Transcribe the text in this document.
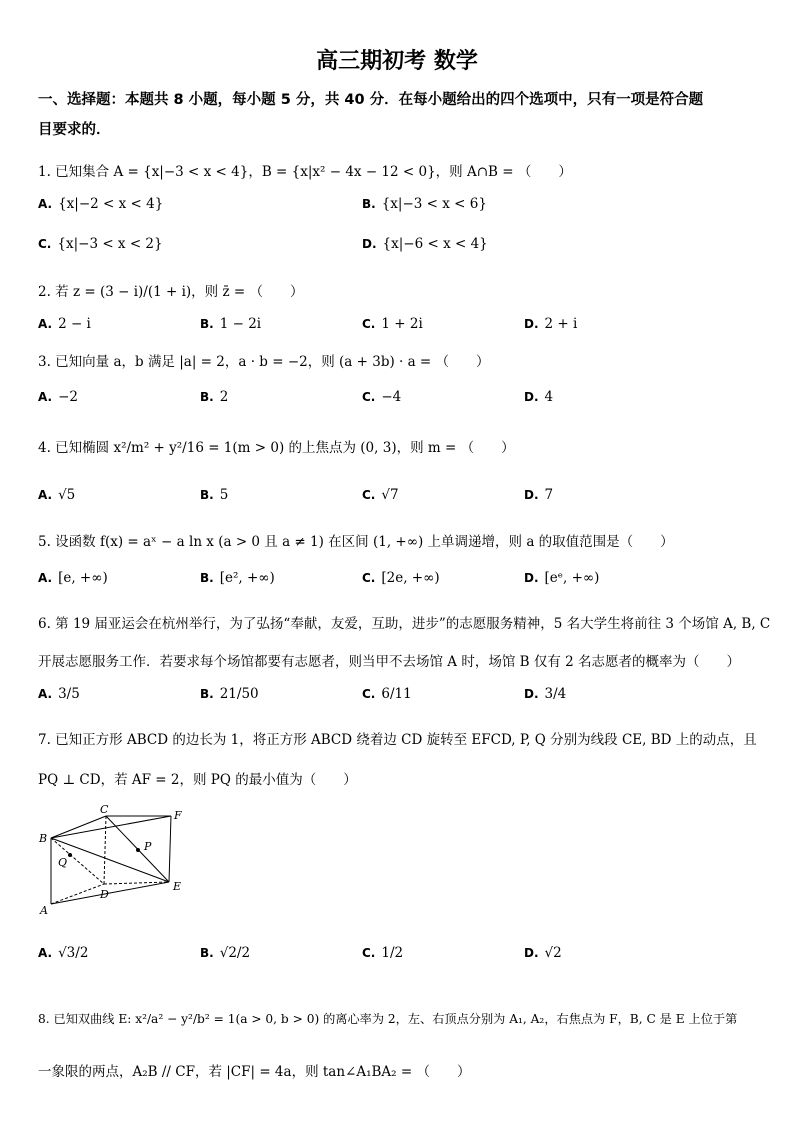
高三期初考 数学
一、选择题：本题共 8 小题，每小题 5 分，共 40 分．在每小题给出的四个选项中，只有一项是符合题
目要求的．
1. 已知集合 A = {x|−3 < x < 4}，B = {x|x² − 4x − 12 < 0}，则 A∩B = （　　）
A. {x|−2 < x < 4}	B. {x|−3 < x < 6}
C. {x|−3 < x < 2}	D. {x|−6 < x < 4}
2. 若 z = (3 − i)/(1 + i)，则 z̄ = （　　）
A. 2 − i	B. 1 − 2i	C. 1 + 2i	D. 2 + i
3. 已知向量 a，b 满足 |a| = 2，a · b = −2，则 (a + 3b) · a = （　　）
A. −2	B. 2	C. −4	D. 4
4. 已知椭圆 x²/m² + y²/16 = 1(m > 0) 的上焦点为 (0, 3)，则 m = （　　）
A. √5	B. 5	C. √7	D. 7
5. 设函数 f(x) = aˣ − a ln x (a > 0 且 a ≠ 1) 在区间 (1, +∞) 上单调递增，则 a 的取值范围是（　　）
A. [e, +∞)	B. [e², +∞)	C. [2e, +∞)	D. [eᵉ, +∞)
6. 第 19 届亚运会在杭州举行，为了弘扬“奉献，友爱，互助，进步”的志愿服务精神，5 名大学生将前往 3 个场馆 A, B, C
开展志愿服务工作．若要求每个场馆都要有志愿者，则当甲不去场馆 A 时，场馆 B 仅有 2 名志愿者的概率为（　　）
A. 3/5	B. 21/50	C. 6/11	D. 3/4
7. 已知正方形 ABCD 的边长为 1，将正方形 ABCD 绕着边 CD 旋转至 EFCD, P, Q 分别为线段 CE, BD 上的动点，且
PQ ⊥ CD，若 AF = 2，则 PQ 的最小值为（　　）
A
B
C
D
E
F
P
Q
A. √3/2	B. √2/2	C. 1/2	D. √2
8. 已知双曲线 E: x²/a² − y²/b² = 1(a > 0, b > 0) 的离心率为 2，左、右顶点分别为 A₁, A₂，右焦点为 F，B, C 是 E 上位于第
一象限的两点，A₂B // CF，若 |CF| = 4a，则 tan∠A₁BA₂ = （　　）
